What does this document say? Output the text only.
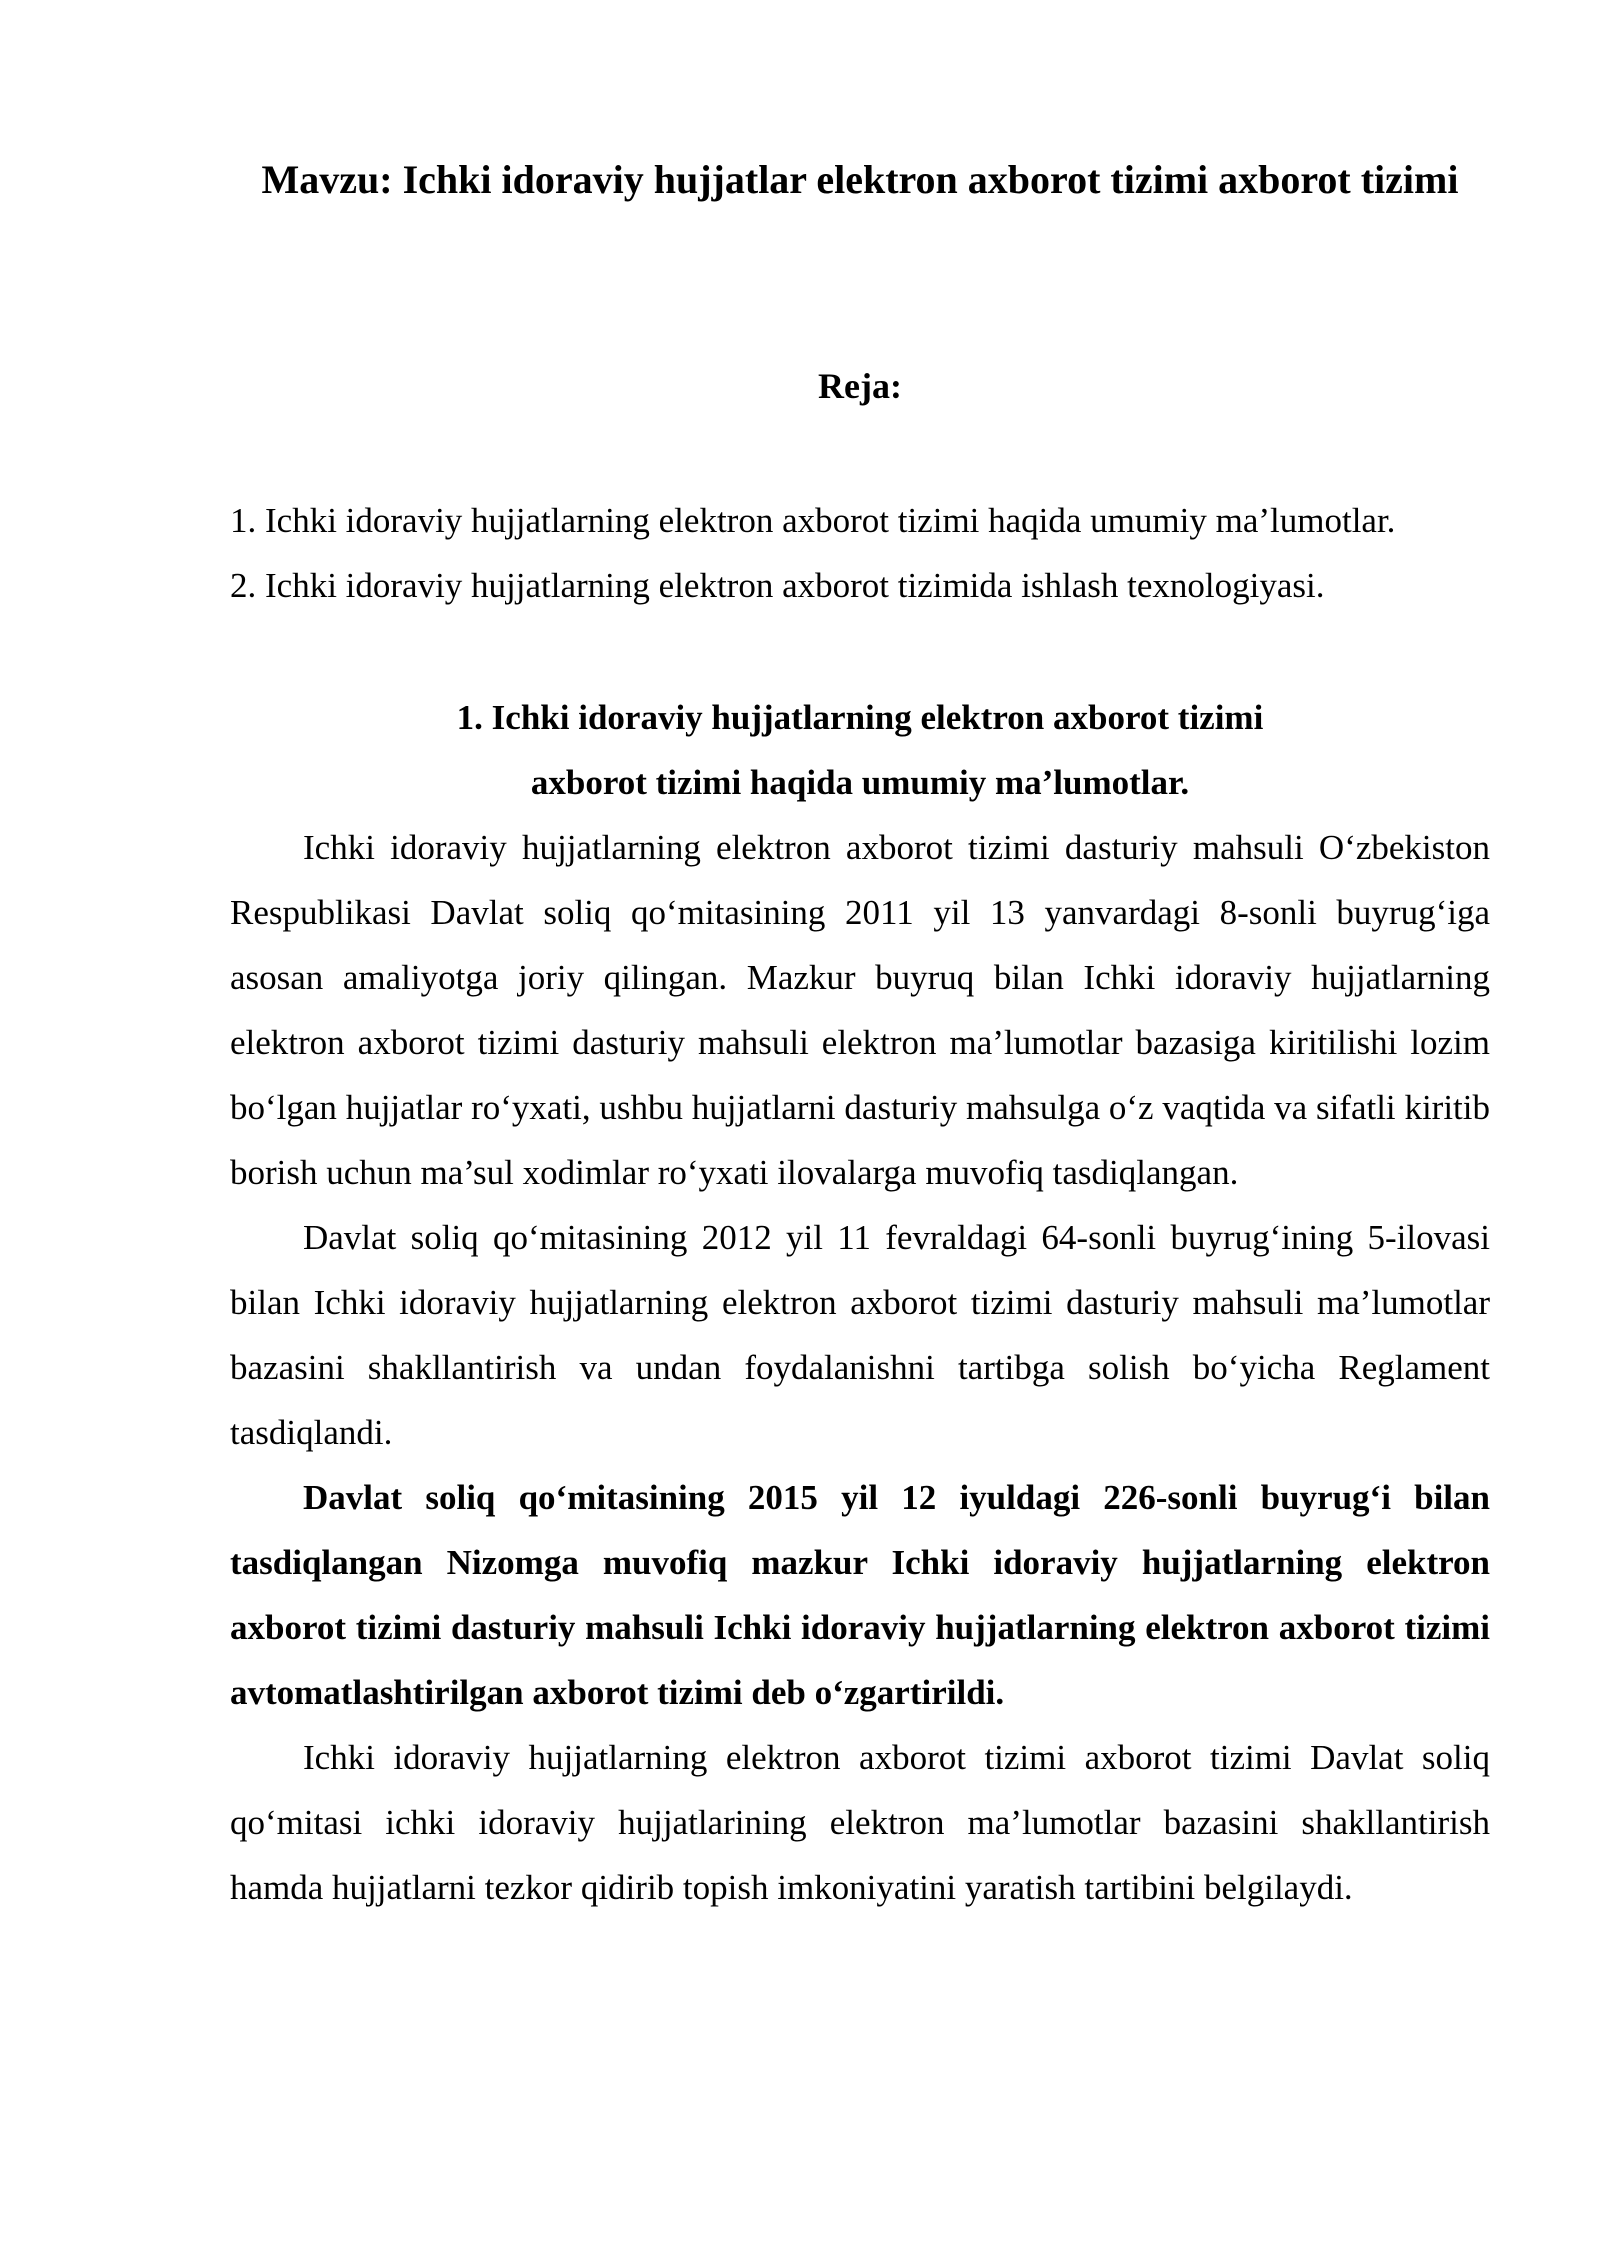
Mavzu: Ichki idoraviy hujjatlar elektron axborot tizimi axborot tizimi
Reja:
1. Ichki idoraviy hujjatlarning elektron axborot tizimi haqida umumiy ma’lumotlar.
2. Ichki idoraviy hujjatlarning elektron axborot tizimida ishlash texnologiyasi.
1. Ichki idoraviy hujjatlarning elektron axborot tizimi
axborot tizimi haqida umumiy ma’lumotlar.

Ichki idoraviy hujjatlarning elektron axborot tizimi dasturiy mahsuli O‘zbekiston Respublikasi Davlat soliq qo‘mitasining 2011 yil 13 yanvardagi 8-sonli buyrug‘iga asosan amaliyotga joriy qilingan. Mazkur buyruq bilan Ichki idoraviy hujjatlarning elektron axborot tizimi dasturiy mahsuli elektron ma’lumotlar bazasiga kiritilishi lozim bo‘lgan hujjatlar ro‘yxati, ushbu hujjatlarni dasturiy mahsulga o‘z vaqtida va sifatli kiritib borish uchun ma’sul xodimlar ro‘yxati ilovalarga muvofiq tasdiqlangan.

Davlat soliq qo‘mitasining 2012 yil 11 fevraldagi 64-sonli buyrug‘ining 5-ilovasi bilan Ichki idoraviy hujjatlarning elektron axborot tizimi dasturiy mahsuli ma’lumotlar bazasini shakllantirish va undan foydalanishni tartibga solish bo‘yicha Reglament tasdiqlandi.

Davlat soliq qo‘mitasining 2015 yil 12 iyuldagi 226-sonli buyrug‘i bilan tasdiqlangan Nizomga muvofiq mazkur Ichki idoraviy hujjatlarning elektron axborot tizimi dasturiy mahsuli Ichki idoraviy hujjatlarning elektron axborot tizimi avtomatlashtirilgan axborot tizimi deb o‘zgartirildi.

Ichki idoraviy hujjatlarning elektron axborot tizimi axborot tizimi Davlat soliq qo‘mitasi ichki idoraviy hujjatlarining elektron ma’lumotlar bazasini shakllantirish hamda hujjatlarni tezkor qidirib topish imkoniyatini yaratish tartibini belgilaydi.
